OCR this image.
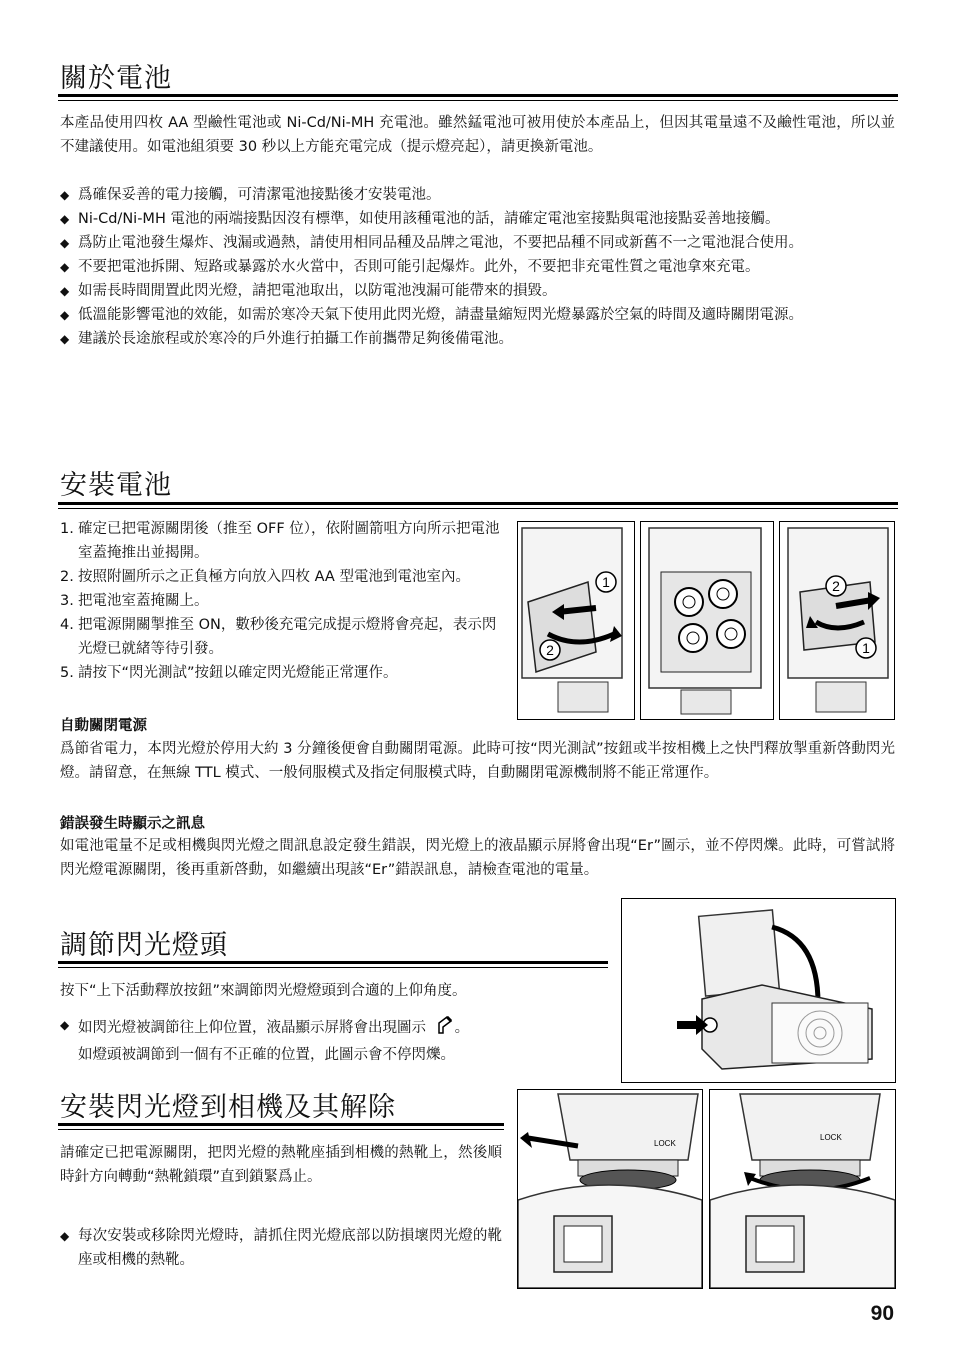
關於電池

本產品使用四枚 AA 型鹼性電池或 Ni-Cd/Ni-MH 充電池。雖然錳電池可被用使於本產品上，但因其電量遠不及鹼性電池，所以並不建議使用。如電池組須要 30 秒以上方能充電完成（提示燈亮起），請更換新電池。

◆ 爲確保妥善的電力接觸，可清潔電池接點後才安裝電池。
◆ Ni-Cd/Ni-MH 電池的兩端接點因沒有標準，如使用該種電池的話，請確定電池室接點與電池接點妥善地接觸。
◆ 爲防止電池發生爆炸、洩漏或過熱，請使用相同品種及品牌之電池，不要把品種不同或新舊不一之電池混合使用。
◆ 不要把電池拆開、短路或暴露於水火當中，否則可能引起爆炸。此外，不要把非充電性質之電池拿來充電。
◆ 如需長時間閒置此閃光燈，請把電池取出，以防電池洩漏可能帶來的損毀。
◆ 低溫能影響電池的效能，如需於寒冷天氣下使用此閃光燈，請盡量縮短閃光燈暴露於空氣的時間及適時關閉電源。
◆ 建議於長途旅程或於寒冷的戶外進行拍攝工作前攜帶足夠後備電池。
安裝電池
1. 確定已把電源關閉後（推至 OFF 位），依附圖箭咀方向所示把電池室蓋掩推出並揭開。
2. 按照附圖所示之正負極方向放入四枚 AA 型電池到電池室內。
3. 把電池室蓋掩關上。
4. 把電源開關掣推至 ON，數秒後充電完成提示燈將會亮起，表示閃光燈已就緒等待引發。
5. 請按下“閃光測試”按鈕以確定閃光燈能正常運作。
1
2
2
1
自動關閉電源

爲節省電力，本閃光燈於停用大約 3 分鐘後便會自動關閉電源。此時可按“閃光測試”按鈕或半按相機上之快門釋放掣重新啓動閃光燈。請留意，在無線 TTL 模式、一般伺服模式及指定伺服模式時，自動關閉電源機制將不能正常運作。

錯誤發生時顯示之訊息

如電池電量不足或相機與閃光燈之間訊息設定發生錯誤，閃光燈上的液晶顯示屏將會出現“Er”圖示，並不停閃爍。此時，可嘗試將閃光燈電源關閉，後再重新啓動，如繼續出現該“Er”錯誤訊息，請檢查電池的電量。

調節閃光燈頭

按下“上下活動釋放按鈕”來調節閃光燈燈頭到合適的上仰角度。

◆ 如閃光燈被調節往上仰位置，液晶顯示屏將會出現圖示 。
如燈頭被調節到一個有不正確的位置，此圖示會不停閃爍。
安裝閃光燈到相機及其解除

請確定已把電源關閉，把閃光燈的熱靴座插到相機的熱靴上，然後順時針方向轉動“熱靴鎖環”直到鎖緊爲止。

◆ 每次安裝或移除閃光燈時，請抓住閃光燈底部以防損壞閃光燈的靴座或相機的熱靴。
LOCK
LOCK
90
